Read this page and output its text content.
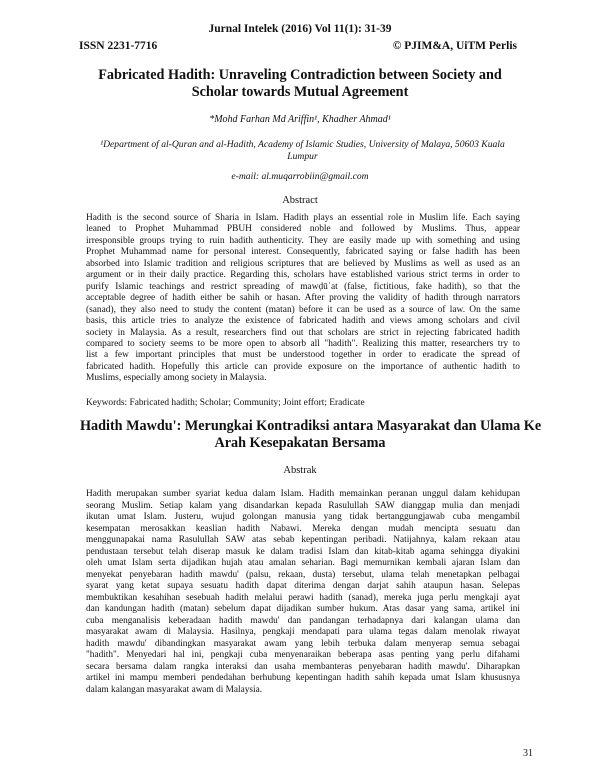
Jurnal Intelek (2016) Vol 11(1): 31-39
ISSN 2231-7716	© PJIM&A, UiTM Perlis
Fabricated Hadith: Unraveling Contradiction between Society and
Scholar towards Mutual Agreement
*Mohd Farhan Md Ariffin¹, Khadher Ahmad¹
¹Department of al-Quran and al-Hadith, Academy of Islamic Studies, University of Malaya, 50603 Kuala
Lumpur
e-mail: al.muqarrobiin@gmail.com
Abstract
Hadith is the second source of Sharia in Islam. Hadith plays an essential role in Muslim life. Each saying
leaned to Prophet Muhammad PBUH considered noble and followed by Muslims. Thus, appear
irresponsible groups trying to ruin hadith authenticity. They are easily made up with something and using
Prophet Muhammad name for personal interest. Consequently, fabricated saying or false hadith has been
absorbed into Islamic tradition and religious scriptures that are believed by Muslims as well as used as an
argument or in their daily practice. Regarding this, scholars have established various strict terms in order to
purify Islamic teachings and restrict spreading of mawḍūʿat (false, fictitious, fake hadith), so that the
acceptable degree of hadith either be sahih or hasan. After proving the validity of hadith through narrators
(sanad), they also need to study the content (matan) before it can be used as a source of law. On the same
basis, this article tries to analyze the existence of fabricated hadith and views among scholars and civil
society in Malaysia. As a result, researchers find out that scholars are strict in rejecting fabricated hadith
compared to society seems to be more open to absorb all "hadith". Realizing this matter, researchers try to
list a few important principles that must be understood together in order to eradicate the spread of
fabricated hadith. Hopefully this article can provide exposure on the importance of authentic hadith to
Muslims, especially among society in Malaysia.
Keywords: Fabricated hadith; Scholar; Community; Joint effort; Eradicate
Hadith Mawdu': Merungkai Kontradiksi antara Masyarakat dan Ulama Ke
Arah Kesepakatan Bersama
Abstrak
Hadith merupakan sumber syariat kedua dalam Islam. Hadith memainkan peranan unggul dalam kehidupan
seorang Muslim. Setiap kalam yang disandarkan kepada Rasulullah SAW dianggap mulia dan menjadi
ikutan umat Islam. Justeru, wujud golongan manusia yang tidak bertanggungjawab cuba mengambil
kesempatan merosakkan keaslian hadith Nabawi. Mereka dengan mudah mencipta sesuatu dan
menggunapakai nama Rasulullah SAW atas sebab kepentingan peribadi. Natijahnya, kalam rekaan atau
pendustaan tersebut telah diserap masuk ke dalam tradisi Islam dan kitab-kitab agama sehingga diyakini
oleh umat Islam serta dijadikan hujah atau amalan seharian. Bagi memurnikan kembali ajaran Islam dan
menyekat penyebaran hadith mawdu' (palsu, rekaan, dusta) tersebut, ulama telah menetapkan pelbagai
syarat yang ketat supaya sesuatu hadith dapat diterima dengan darjat sahih ataupun hasan. Selepas
membuktikan kesahihan sesebuah hadith melalui perawi hadith (sanad), mereka juga perlu mengkaji ayat
dan kandungan hadith (matan) sebelum dapat dijadikan sumber hukum. Atas dasar yang sama, artikel ini
cuba menganalisis keberadaan hadith mawdu' dan pandangan terhadapnya dari kalangan ulama dan
masyarakat awam di Malaysia. Hasilnya, pengkaji mendapati para ulama tegas dalam menolak riwayat
hadith mawdu' dibandingkan masyarakat awam yang lebih terbuka dalam menyerap semua sebagai
"hadith". Menyedari hal ini, pengkaji cuba menyenaraikan beberapa asas penting yang perlu difahami
secara bersama dalam rangka interaksi dan usaha membanteras penyebaran hadith mawdu'. Diharapkan
artikel ini mampu memberi pendedahan berhubung kepentingan hadith sahih kepada umat Islam khususnya
dalam kalangan masyarakat awam di Malaysia.
31
